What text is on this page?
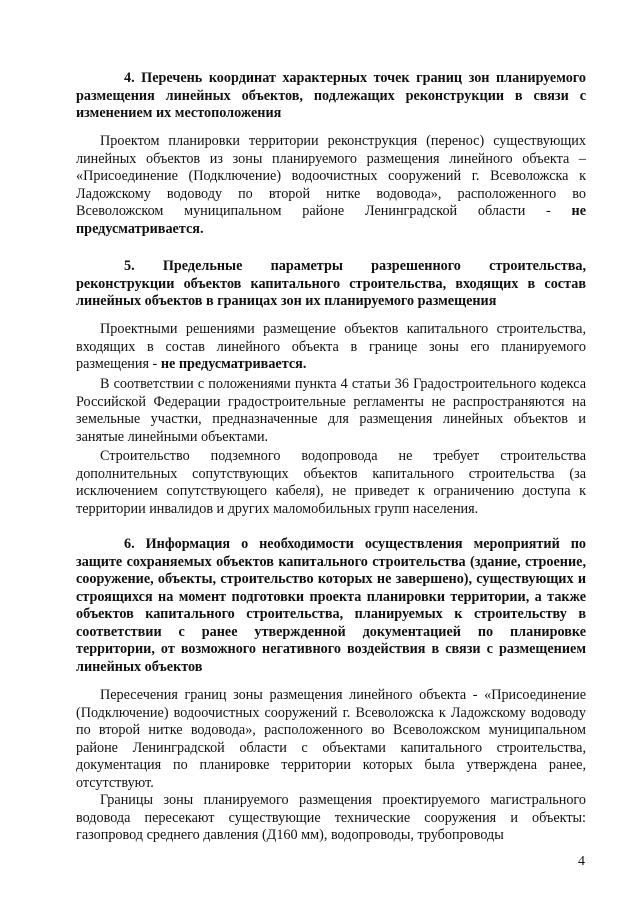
4. Перечень координат характерных точек границ зон планируемого размещения линейных объектов, подлежащих реконструкции в связи с изменением их местоположения

Проектом планировки территории реконструкция (перенос) существующих линейных объектов из зоны планируемого размещения линейного объекта – «Присоединение (Подключение) водоочистных сооружений г. Всеволожска к Ладожскому водоводу по второй нитке водовода», расположенного во Всеволожском муниципальном районе Ленинградской области - не предусматривается.

5. Предельные параметры разрешенного строительства, реконструкции объектов капитального строительства, входящих в состав линейных объектов в границах зон их планируемого размещения

Проектными решениями размещение объектов капитального строительства, входящих в состав линейного объекта в границе зоны его планируемого размещения - не предусматривается.

В соответствии с положениями пункта 4 статьи 36 Градостроительного кодекса Российской Федерации градостроительные регламенты не распространяются на земельные участки, предназначенные для размещения линейных объектов и занятые линейными объектами.

Строительство подземного водопровода не требует строительства дополнительных сопутствующих объектов капитального строительства (за исключением сопутствующего кабеля), не приведет к ограничению доступа к территории инвалидов и других маломобильных групп населения.

6. Информация о необходимости осуществления мероприятий по защите сохраняемых объектов капитального строительства (здание, строение, сооружение, объекты, строительство которых не завершено), существующих и строящихся на момент подготовки проекта планировки территории, а также объектов капитального строительства, планируемых к строительству в соответствии с ранее утвержденной документацией по планировке территории, от возможного негативного воздействия в связи с размещением линейных объектов

Пересечения границ зоны размещения линейного объекта - «Присоединение (Подключение) водоочистных сооружений г. Всеволожска к Ладожскому водоводу по второй нитке водовода», расположенного во Всеволожском муниципальном районе Ленинградской области с объектами капитального строительства, документация по планировке территории которых была утверждена ранее, отсутствуют.

Границы зоны планируемого размещения проектируемого магистрального водовода пересекают существующие технические сооружения и объекты: газопровод среднего давления (Д160 мм), водопроводы, трубопроводы

4
